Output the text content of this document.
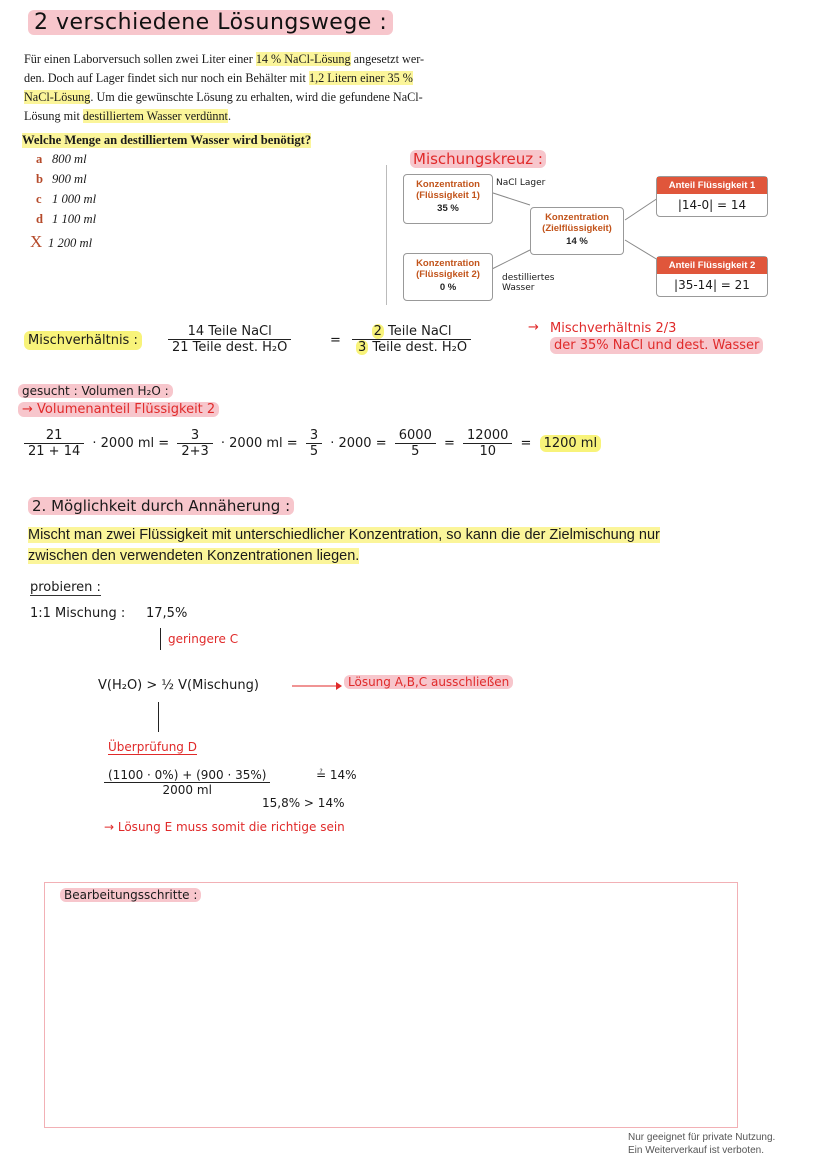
2 verschiedene Lösungswege :

Für einen Laborversuch sollen zwei Liter einer 14 % NaCl-Lösung angesetzt wer-

den. Doch auf Lager findet sich nur noch ein Behälter mit 1,2 Litern einer 35 %

NaCl-Lösung. Um die gewünschte Lösung zu erhalten, wird die gefundene NaCl-

Lösung mit destilliertem Wasser verdünnt.

Welche Menge an destilliertem Wasser wird benötigt?
a 800 ml
b 900 ml
c 1 000 ml
d 1 100 ml
X 1 200 ml
Mischungskreuz :
Konzentration (Flüssigkeit 1)
35 %
NaCl Lager
Konzentration (Zielflüssigkeit)
14 %
Konzentration (Flüssigkeit 2)
0 %
destilliertes Wasser
Anteil Flüssigkeit 1
|14-0| = 14
Anteil Flüssigkeit 2
|35-14| = 21
Mischverhältnis :	$\frac{\text{14 Teile NaCl}}{\text{21 Teile dest. H₂O}}$	= $\frac{\text{2 Teile NaCl}}{\text{3 Teile dest. H₂O}}$	→ Mischverhältnis 2/3
der 35% NaCl und dest. Wasser
gesucht : Volumen H₂O :
→ Volumenanteil Flüssigkeit 2
$\frac{21}{21 + 14} \cdot 2000$ ml = $\frac{3}{2+3} \cdot 2000$ ml = $\frac{3}{5} \cdot 2000 = \frac{6000}{5} = \frac{12000}{10} = 1200$ ml
2. Möglichkeit durch Annäherung :
Mischt man zwei Flüssigkeit mit unterschiedlicher Konzentration, so kann die der Zielmischung nur zwischen den verwendeten Konzentrationen liegen.
probieren :
1:1 Mischung : 17,5%
geringere C
V(H₂O) > ½ V(Mischung)	Lösung A,B,C ausschließen
Überprüfung D
$\frac{(1100 \cdot 0\%) + (900 \cdot 35\%)}{2000 ml}$	≟ 14%
15,8% > 14%
→ Lösung E muss somit die richtige sein
Bearbeitungsschritte :
Nur geeignet für private Nutzung.
Ein Weiterverkauf ist verboten.
